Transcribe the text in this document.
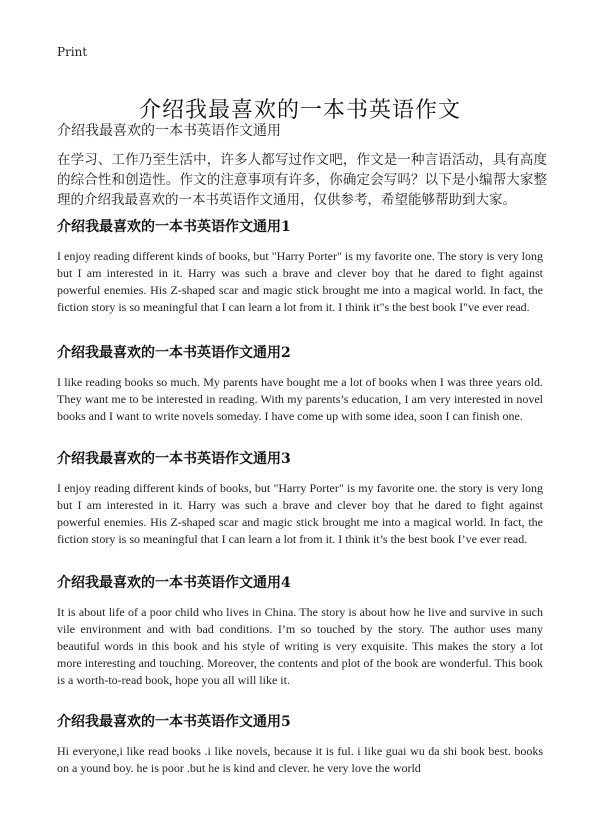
Print
介绍我最喜欢的一本书英语作文
介绍我最喜欢的一本书英语作文通用
在学习、工作乃至生活中，许多人都写过作文吧，作文是一种言语活动，具有高度的综合性和创造性。作文的注意事项有许多，你确定会写吗？以下是小编帮大家整理的介绍我最喜欢的一本书英语作文通用，仅供参考，希望能够帮助到大家。
介绍我最喜欢的一本书英语作文通用1

I enjoy reading different kinds of books, but "Harry Porter" is my favorite one. The story is very long but I am interested in it. Harry was such a brave and clever boy that he dared to fight against powerful enemies. His Z-shaped scar and magic stick brought me into a magical world. In fact, the fiction story is so meaningful that I can learn a lot from it. I think it"s the best book I"ve ever read.

介绍我最喜欢的一本书英语作文通用2

I like reading books so much. My parents have bought me a lot of books when I was three years old. They want me to be interested in reading. With my parents’s education, I am very interested in novel books and I want to write novels someday. I have come up with some idea, soon I can finish one.

介绍我最喜欢的一本书英语作文通用3

I enjoy reading different kinds of books, but "Harry Porter" is my favorite one. the story is very long but I am interested in it. Harry was such a brave and clever boy that he dared to fight against powerful enemies. His Z-shaped scar and magic stick brought me into a magical world. In fact, the fiction story is so meaningful that I can learn a lot from it. I think it’s the best book I’ve ever read.

介绍我最喜欢的一本书英语作文通用4

It is about life of a poor child who lives in China. The story is about how he live and survive in such vile environment and with bad conditions. I’m so touched by the story. The author uses many beautiful words in this book and his style of writing is very exquisite. This makes the story a lot more interesting and touching. Moreover, the contents and plot of the book are wonderful. This book is a worth-to-read book, hope you all will like it.

介绍我最喜欢的一本书英语作文通用5

Hi everyone,i like read books .i like novels, because it is ful. i like guai wu da shi book best. books on a yound boy. he is poor .but he is kind and clever. he very love the world
